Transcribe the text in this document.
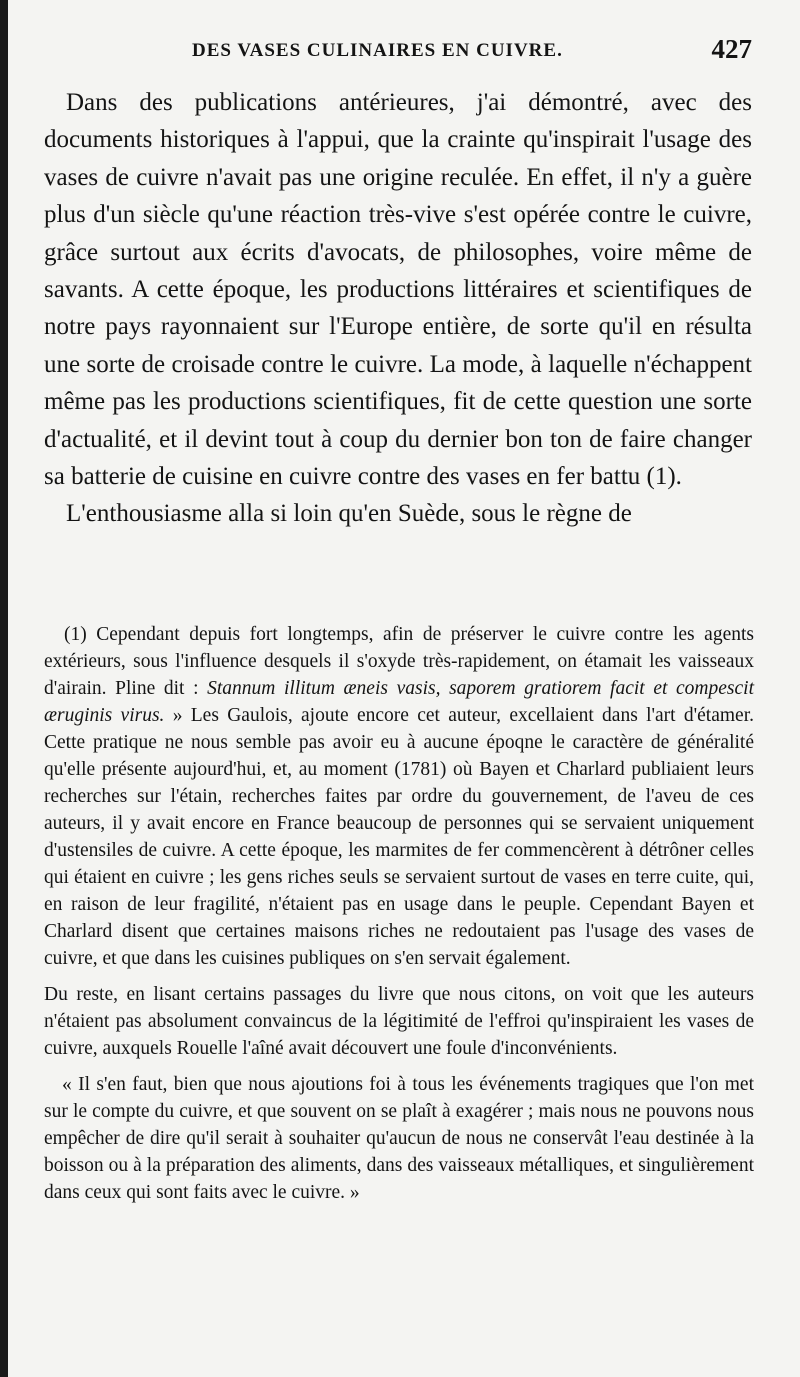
DES VASES CULINAIRES EN CUIVRE.	427

Dans des publications antérieures, j'ai démontré, avec des documents historiques à l'appui, que la crainte qu'inspirait l'usage des vases de cuivre n'avait pas une origine reculée. En effet, il n'y a guère plus d'un siècle qu'une réaction très-vive s'est opérée contre le cuivre, grâce surtout aux écrits d'avocats, de philosophes, voire même de savants. A cette époque, les productions littéraires et scientifiques de notre pays rayonnaient sur l'Europe entière, de sorte qu'il en résulta une sorte de croisade contre le cuivre. La mode, à laquelle n'échappent même pas les productions scientifiques, fit de cette question une sorte d'actualité, et il devint tout à coup du dernier bon ton de faire changer sa batterie de cuisine en cuivre contre des vases en fer battu (1).

L'enthousiasme alla si loin qu'en Suède, sous le règne de

(1) Cependant depuis fort longtemps, afin de préserver le cuivre contre les agents extérieurs, sous l'influence desquels il s'oxyde très-rapidement, on étamait les vaisseaux d'airain. Pline dit : Stannum illitum æneis vasis, saporem gratiorem facit et compescit æruginis virus. » Les Gaulois, ajoute encore cet auteur, excellaient dans l'art d'étamer. Cette pratique ne nous semble pas avoir eu à aucune époqne le caractère de généralité qu'elle présente aujourd'hui, et, au moment (1781) où Bayen et Charlard publiaient leurs recherches sur l'étain, recherches faites par ordre du gouvernement, de l'aveu de ces auteurs, il y avait encore en France beaucoup de personnes qui se servaient uniquement d'ustensiles de cuivre. A cette époque, les marmites de fer commencèrent à détrôner celles qui étaient en cuivre ; les gens riches seuls se servaient surtout de vases en terre cuite, qui, en raison de leur fragilité, n'étaient pas en usage dans le peuple. Cependant Bayen et Charlard disent que certaines maisons riches ne redoutaient pas l'usage des vases de cuivre, et que dans les cuisines publiques on s'en servait également.

Du reste, en lisant certains passages du livre que nous citons, on voit que les auteurs n'étaient pas absolument convaincus de la légitimité de l'effroi qu'inspiraient les vases de cuivre, auxquels Rouelle l'aîné avait découvert une foule d'inconvénients.

« Il s'en faut, bien que nous ajoutions foi à tous les événements tragiques que l'on met sur le compte du cuivre, et que souvent on se plaît à exagérer ; mais nous ne pouvons nous empêcher de dire qu'il serait à souhaiter qu'aucun de nous ne conservât l'eau destinée à la boisson ou à la préparation des aliments, dans des vaisseaux métalliques, et singulièrement dans ceux qui sont faits avec le cuivre. »
